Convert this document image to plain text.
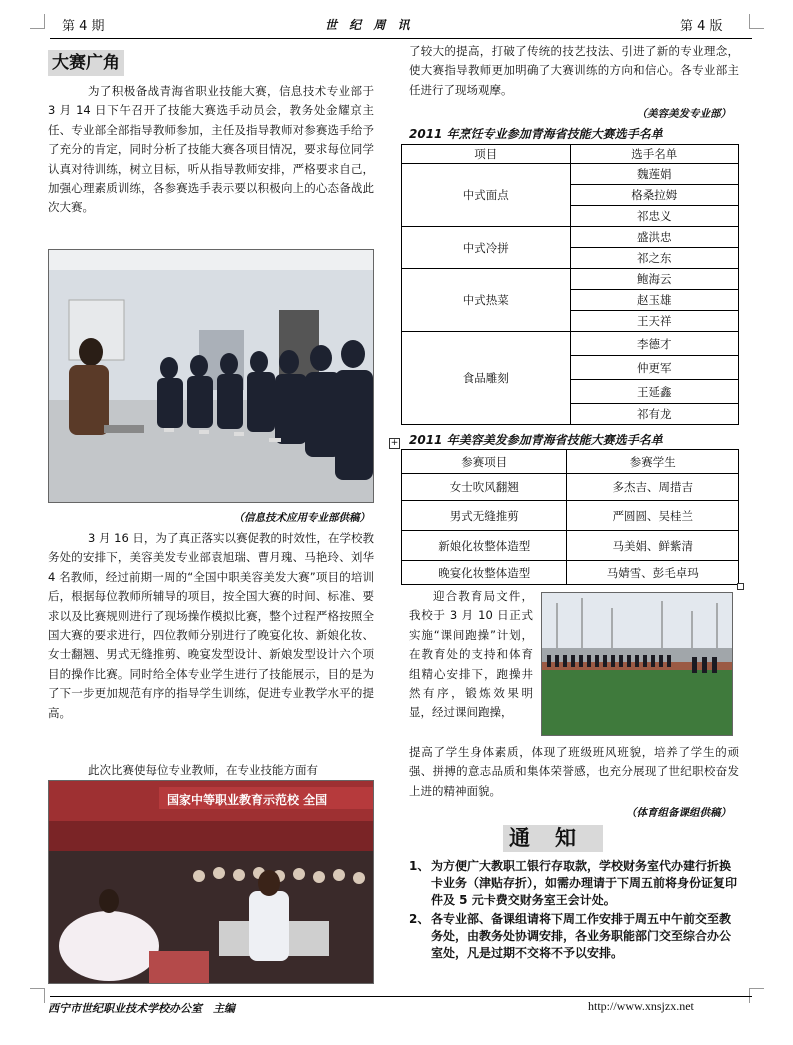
第 4 期	世 纪 周 讯	第 4 版
大赛广角

为了积极备战青海省职业技能大赛，信息技术专业部于 3 月 14 日下午召开了技能大赛选手动员会，教务处金耀京主任、专业部全部指导教师参加，主任及指导教师对参赛选手给予了充分的肯定，同时分析了技能大赛各项目情况，要求每位同学认真对待训练，树立目标，听从指导教师安排，严格要求自己，加强心理素质训练，各参赛选手表示要以积极向上的心态备战此次大赛。

（信息技术应用专业部供稿）

3 月 16 日，为了真正落实以赛促教的时效性，在学校教务处的安排下，美容美发专业部袁旭瑞、曹月瑰、马艳玲、刘华 4 名教师，经过前期一周的“全国中职美容美发大赛”项目的培训后，根据每位教师所辅导的项目，按全国大赛的时间、标准、要求以及比赛规则进行了现场操作模拟比赛，整个过程严格按照全国大赛的要求进行，四位教师分别进行了晚宴化妆、新娘化妆、女士翻翘、男式无缝推剪、晚宴发型设计、新娘发型设计六个项目的操作比赛。同时给全体专业学生进行了技能展示，目的是为了下一步更加规范有序的指导学生训练，促进专业教学水平的提高。

此次比赛使每位专业教师，在专业技能方面有

国家中等职业教育示范校 全国

了较大的提高，打破了传统的技艺技法、引进了新的专业理念，使大赛指导教师更加明确了大赛训练的方向和信心。各专业部主任进行了现场观摩。

（美容美发专业部）
2011 年烹饪专业参加青海省技能大赛选手名单
项目	选手名单
中式面点	魏莲娟
	格桑拉姆
	祁忠义
中式冷拼	盛洪忠
	祁之东
中式热菜	鲍海云
	赵玉雄
	王天祥
食品雕刻	李德才
	仲更军
	王延鑫
	祁有龙
+ 2011 年美容美发参加青海省技能大赛选手名单
参赛项目	参赛学生
女士吹风翻翘	多杰吉、周措吉
男式无缝推剪	严圆圆、吴桂兰
新娘化妆整体造型	马美娟、鲜紫清
晚宴化妆整体造型	马婧雪、彭毛卓玛

迎合教育局文件，我校于 3 月 10 日正式实施“课间跑操”计划，在教育处的支持和体育组精心安排下，跑操井然有序，锻炼效果明显，经过课间跑操，

提高了学生身体素质，体现了班级班风班貌，培养了学生的顽强、拼搏的意志品质和集体荣誉感，也充分展现了世纪职校奋发上进的精神面貌。

（体育组备课组供稿）
通　知
1、 为方便广大教职工银行存取款，学校财务室代办建行折换卡业务（津贴存折），如需办理请于下周五前将身份证复印件及 5 元卡费交财务室王会计处。
2、 各专业部、备课组请将下周工作安排于周五中午前交至教务处，由教务处协调安排，各业务职能部门交至综合办公室处，凡是过期不交将不予以安排。
西宁市世纪职业技术学校办公室　主编	http://www.xnsjzx.net
